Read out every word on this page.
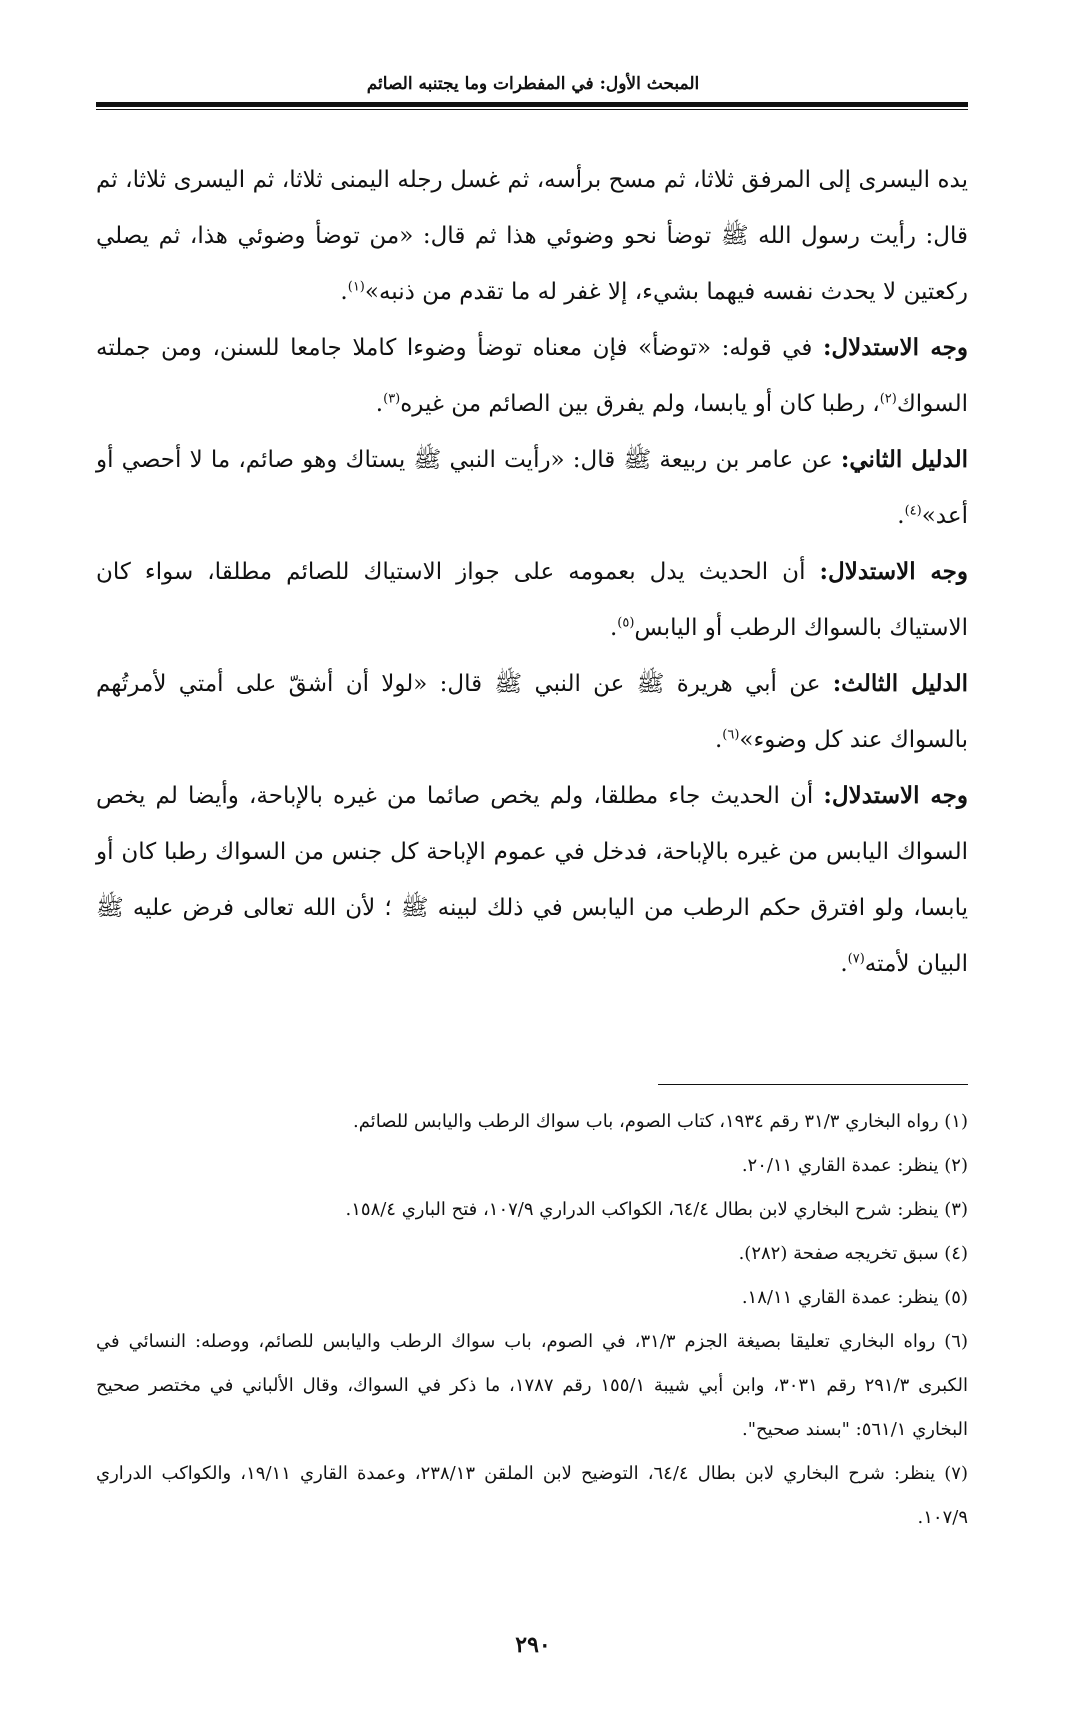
المبحث الأول: في المفطرات وما يجتنبه الصائم

يده اليسرى إلى المرفق ثلاثا، ثم مسح برأسه، ثم غسل رجله اليمنى ثلاثا، ثم اليسرى ثلاثا، ثم قال: رأيت رسول الله ﷺ توضأ نحو وضوئي هذا ثم قال: «من توضأ وضوئي هذا، ثم يصلي ركعتين لا يحدث نفسه فيهما بشيء، إلا غفر له ما تقدم من ذنبه»$^{(١)}$.

وجه الاستدلال: في قوله: «توضأ» فإن معناه توضأ وضوءا كاملا جامعا للسنن، ومن جملته السواك$^{(٢)}$، رطبا كان أو يابسا، ولم يفرق بين الصائم من غيره$^{(٣)}$.

الدليل الثاني: عن عامر بن ربيعة ﷺ قال: «رأيت النبي ﷺ يستاك وهو صائم، ما لا أحصي أو أعد»$^{(٤)}$.

وجه الاستدلال: أن الحديث يدل بعمومه على جواز الاستياك للصائم مطلقا، سواء كان الاستياك بالسواك الرطب أو اليابس$^{(٥)}$.

الدليل الثالث: عن أبي هريرة ﷺ عن النبي ﷺ قال: «لولا أن أشقّ على أمتي لأمرتُهم بالسواك عند كل وضوء»$^{(٦)}$.

وجه الاستدلال: أن الحديث جاء مطلقا، ولم يخص صائما من غيره بالإباحة، وأيضا لم يخص السواك اليابس من غيره بالإباحة، فدخل في عموم الإباحة كل جنس من السواك رطبا كان أو يابسا، ولو افترق حكم الرطب من اليابس في ذلك لبينه ﷺ ؛ لأن الله تعالى فرض عليه ﷺ البيان لأمته$^{(٧)}$.

(١) رواه البخاري ٣١/٣ رقم ١٩٣٤، كتاب الصوم، باب سواك الرطب واليابس للصائم.

(٢) ينظر: عمدة القاري ٢٠/١١.

(٣) ينظر: شرح البخاري لابن بطال ٦٤/٤، الكواكب الدراري ١٠٧/٩، فتح الباري ١٥٨/٤.

(٤) سبق تخريجه صفحة (٢٨٢).

(٥) ينظر: عمدة القاري ١٨/١١.

(٦) رواه البخاري تعليقا بصيغة الجزم ٣١/٣، في الصوم، باب سواك الرطب واليابس للصائم، ووصله: النسائي في الكبرى ٢٩١/٣ رقم ٣٠٣١، وابن أبي شيبة ١٥٥/١ رقم ١٧٨٧، ما ذكر في السواك، وقال الألباني في مختصر صحيح البخاري ٥٦١/١: "بسند صحيح".

(٧) ينظر: شرح البخاري لابن بطال ٦٤/٤، التوضيح لابن الملقن ٢٣٨/١٣، وعمدة القاري ١٩/١١، والكواكب الدراري ١٠٧/٩.

٢٩٠
